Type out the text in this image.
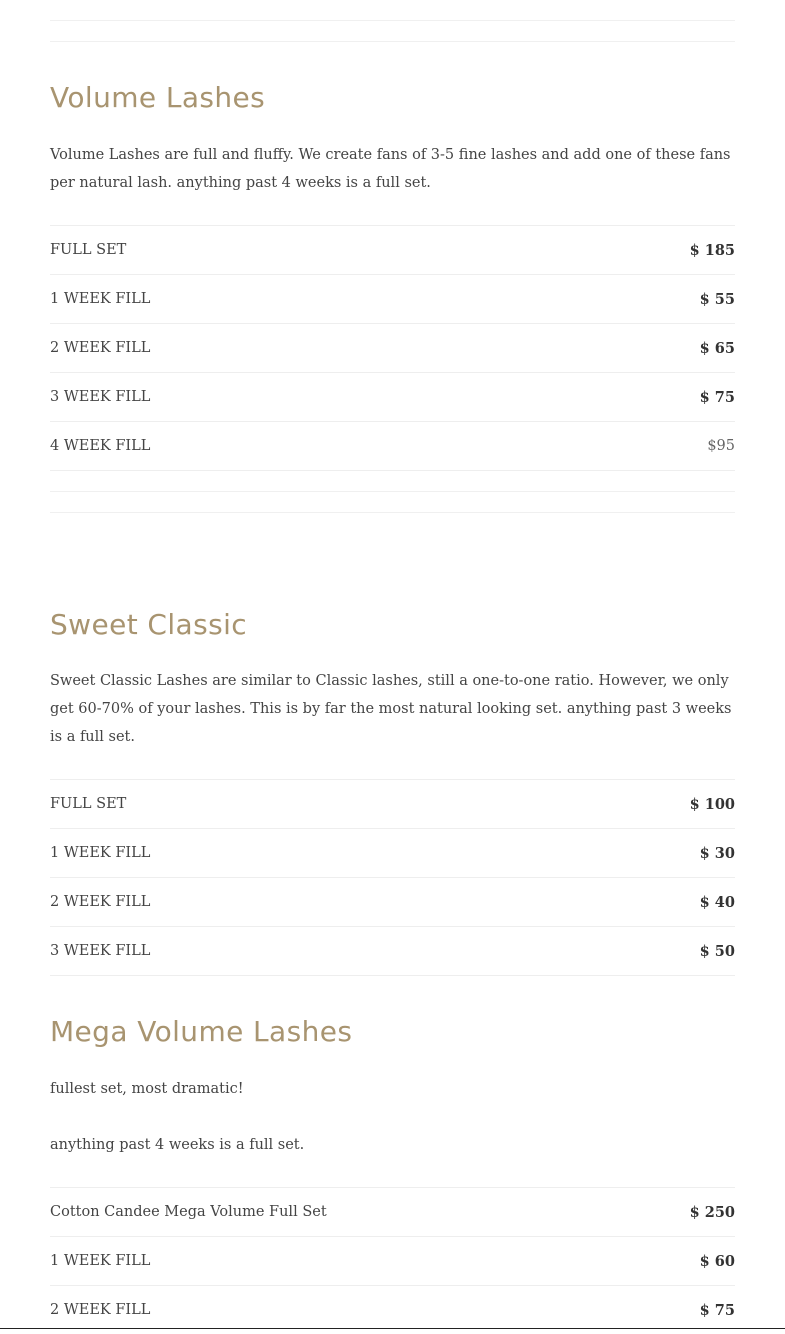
Volume Lashes

Volume Lashes are full and fluffy. We create fans of 3-5 fine lashes and add one of these fans per natural lash. anything past 4 weeks is a full set.

FULL SET	$ 185
1 WEEK FILL	$ 55
2 WEEK FILL	$ 65
3 WEEK FILL	$ 75
4 WEEK FILL	$95
Sweet Classic

Sweet Classic Lashes are similar to Classic lashes, still a one-to-one ratio. However, we only get 60-70% of your lashes. This is by far the most natural looking set. anything past 3 weeks is a full set.

FULL SET	$ 100
1 WEEK FILL	$ 30
2 WEEK FILL	$ 40
3 WEEK FILL	$ 50
Mega Volume Lashes

fullest set, most dramatic!

anything past 4 weeks is a full set.

Cotton Candee Mega Volume Full Set	$ 250
1 WEEK FILL	$ 60
2 WEEK FILL	$ 75
